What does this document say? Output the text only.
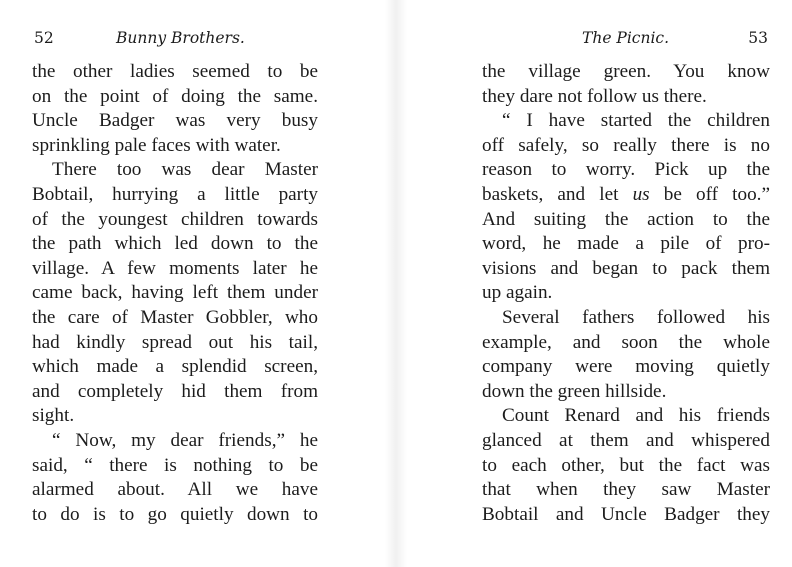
52	Bunny Brothers.
the other ladies seemed to be
on the point of doing the same.
Uncle Badger was very busy
sprinkling pale faces with water.
There too was dear Master
Bobtail, hurrying a little party
of the youngest children towards
the path which led down to the
village. A few moments later he
came back, having left them under
the care of Master Gobbler, who
had kindly spread out his tail,
which made a splendid screen,
and completely hid them from
sight.
“ Now, my dear friends,” he
said, “ there is nothing to be
alarmed about. All we have
to do is to go quietly down to
The Picnic.	53
the village green. You know
they dare not follow us there.
“ I have started the children
off safely, so really there is no
reason to worry. Pick up the
baskets, and let us be off too.”
And suiting the action to the
word, he made a pile of pro-
visions and began to pack them
up again.
Several fathers followed his
example, and soon the whole
company were moving quietly
down the green hillside.
Count Renard and his friends
glanced at them and whispered
to each other, but the fact was
that when they saw Master
Bobtail and Uncle Badger they
